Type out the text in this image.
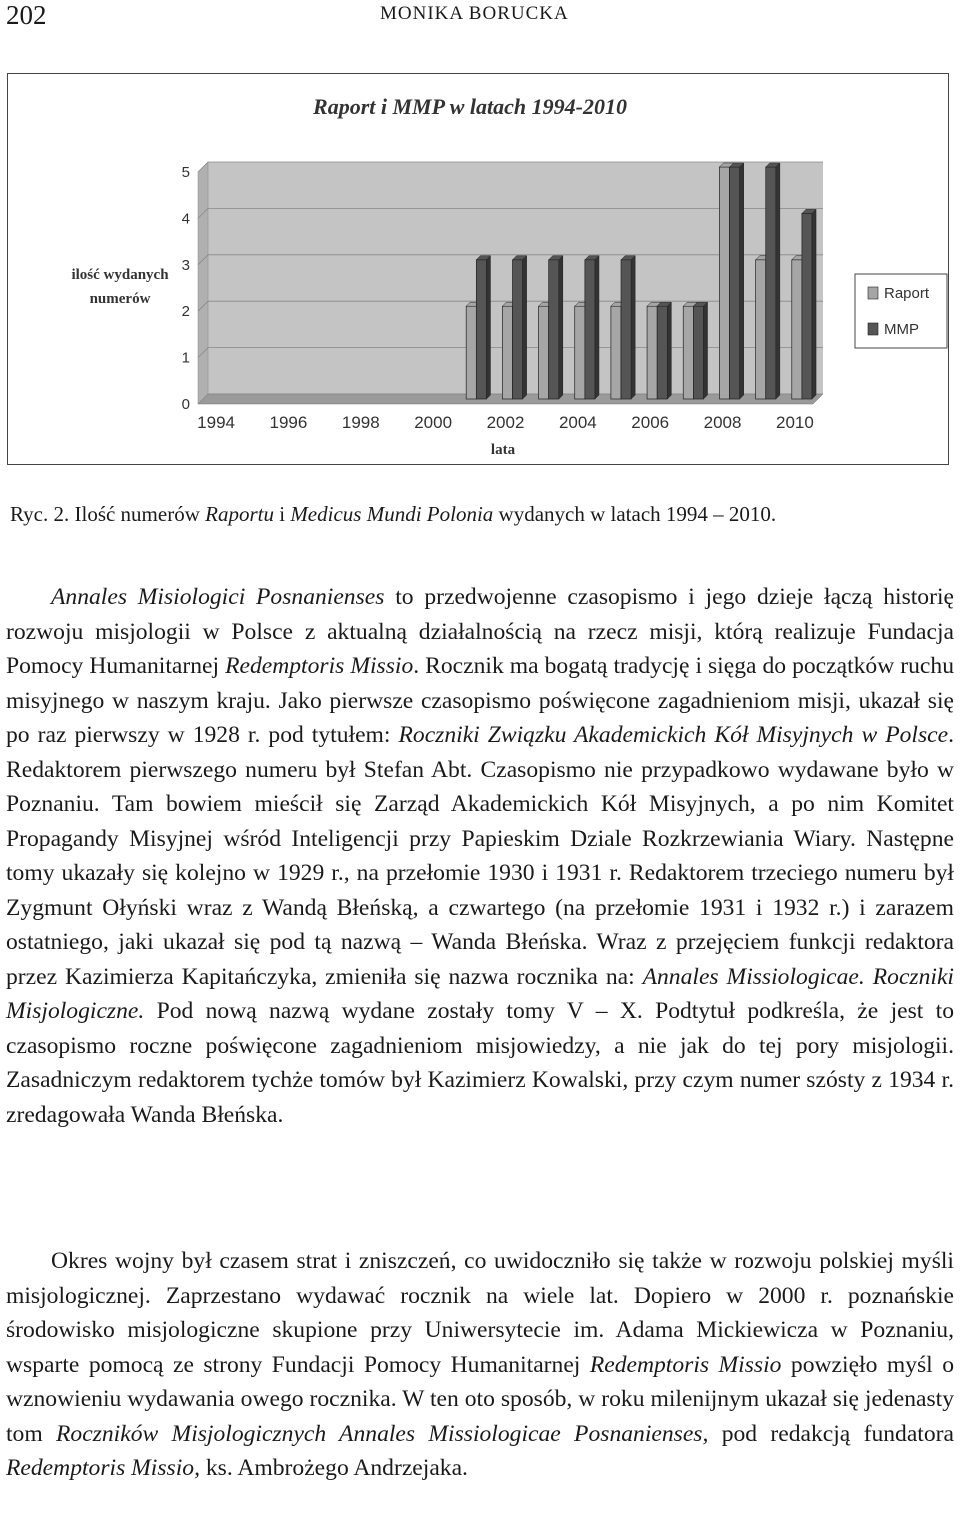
202	MONIKA BORUCKA
Raport i MMP w latach 1994-2010
0
1
2
3
4
5
ilość wydanych
numerów
1994 1996 1998 2000 2002 2004 2006 2008 2010
lata
Raport
MMP
Ryc. 2. Ilość numerów Raportu i Medicus Mundi Polonia wydanych w latach 1994 – 2010.

Annales Misiologici Posnanienses to przedwojenne czasopismo i jego dzieje łączą historię rozwoju misjologii w Polsce z aktualną działalnością na rzecz misji, którą realizuje Fundacja Pomocy Humanitarnej Redemptoris Missio. Rocznik ma bogatą tradycję i sięga do początków ruchu misyjnego w naszym kraju. Jako pierwsze czasopismo poświęcone zagadnieniom misji, ukazał się po raz pierwszy w 1928 r. pod tytułem: Roczniki Związku Akademickich Kół Misyjnych w Polsce. Redaktorem pierwszego numeru był Stefan Abt. Czasopismo nie przypadkowo wydawane było w Poznaniu. Tam bowiem mieścił się Zarząd Akademickich Kół Misyjnych, a po nim Komitet Propagandy Misyjnej wśród Inteligencji przy Papieskim Dziale Rozkrzewiania Wiary. Następne tomy ukazały się kolejno w 1929 r., na przełomie 1930 i 1931 r. Redaktorem trzeciego numeru był Zygmunt Ołyński wraz z Wandą Błeńską, a czwartego (na przełomie 1931 i 1932 r.) i zarazem ostatniego, jaki ukazał się pod tą nazwą – Wanda Błeńska. Wraz z przejęciem funkcji redaktora przez Kazimierza Kapitańczyka, zmieniła się nazwa rocznika na: Annales Missiologicae. Roczniki Misjologiczne. Pod nową nazwą wydane zostały tomy V – X. Podtytuł podkreśla, że jest to czasopismo roczne poświęcone zagadnieniom misjowiedzy, a nie jak do tej pory misjologii. Zasadniczym redaktorem tychże tomów był Kazimierz Kowalski, przy czym numer szósty z 1934 r. zredagowała Wanda Błeńska.

Okres wojny był czasem strat i zniszczeń, co uwidoczniło się także w rozwoju polskiej myśli misjologicznej. Zaprzestano wydawać rocznik na wiele lat. Dopiero w 2000 r. poznańskie środowisko misjologiczne skupione przy Uniwersytecie im. Adama Mickiewicza w Poznaniu, wsparte pomocą ze strony Fundacji Pomocy Humanitarnej Redemptoris Missio powzięło myśl o wznowieniu wydawania owego rocznika. W ten oto sposób, w roku milenijnym ukazał się jedenasty tom Roczników Misjologicznych Annales Missiologicae Posnanienses, pod redakcją fundatora Redemptoris Missio, ks. Ambrożego Andrzejaka.
